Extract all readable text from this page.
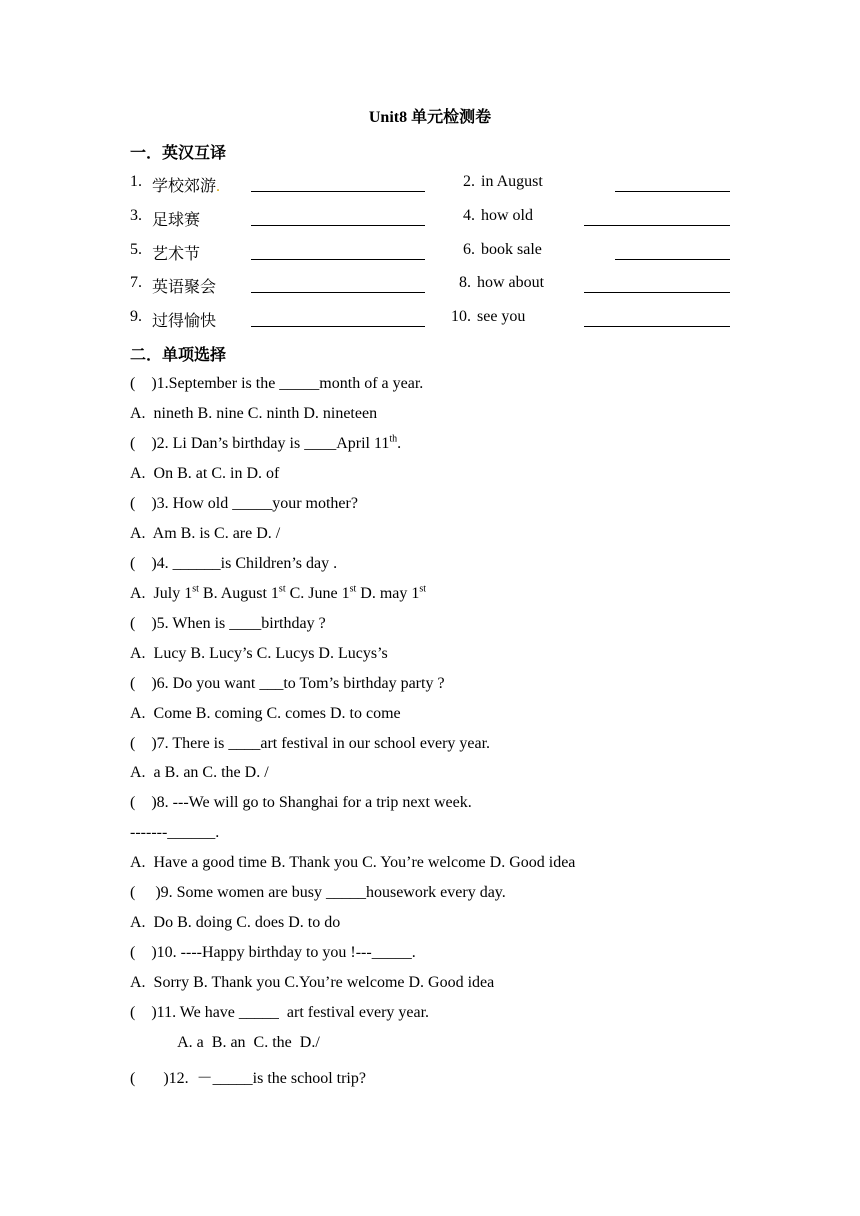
Unit8 单元检测卷
一．英汉互译
1. 学校郊游.	2. in August
3. 足球赛	4. how old
5. 艺术节	6. book sale
7. 英语聚会	8. how about
9. 过得愉快	10. see you
二．单项选择
(    )1.September is the _____month of a year.
A.  nineth B. nine C. ninth D. nineteen
(    )2. Li Dan’s birthday is ____April 11th.
A.  On B. at C. in D. of
(    )3. How old _____your mother?
A.  Am B. is C. are D. /
(    )4. ______is Children’s day .
A.  July 1st B. August 1st C. June 1st D. may 1st
(    )5. When is ____birthday ?
A.  Lucy B. Lucy’s C. Lucys D. Lucys’s
(    )6. Do you want ___to Tom’s birthday party ?
A.  Come B. coming C. comes D. to come
(    )7. There is ____art festival in our school every year.
A.  a B. an C. the D. /
(    )8. ---We will go to Shanghai for a trip next week.
-------______.
A.  Have a good time B. Thank you C. You’re welcome D. Good idea
(     )9. Some women are busy _____housework every day.
A.  Do B. doing C. does D. to do
(    )10. ----Happy birthday to you !---_____.
A.  Sorry B. Thank you C.You’re welcome D. Good idea
(    )11. We have _____  art festival every year.
A. a  B. an  C. the  D./
(       )12.  －_____is the school trip?
